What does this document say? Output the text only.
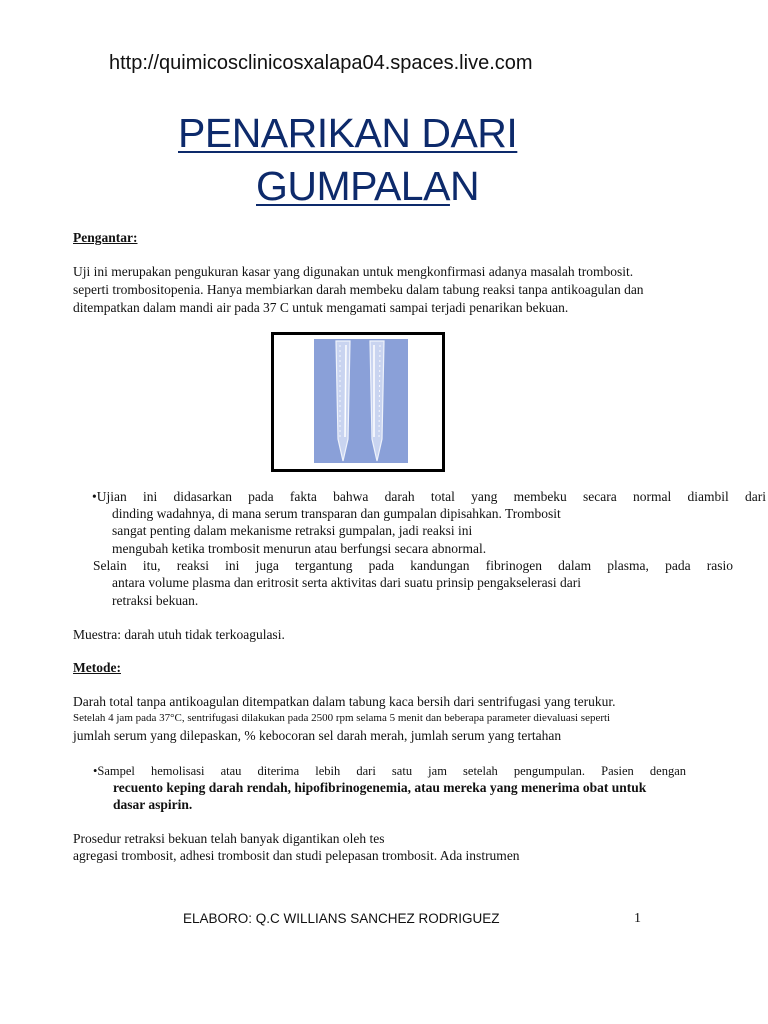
http://quimicosclinicosxalapa04.spaces.live.com
PENARIKAN DARI
GUMPALAN
Pengantar:
Uji ini merupakan pengukuran kasar yang digunakan untuk mengkonfirmasi adanya masalah trombosit.
seperti trombositopenia. Hanya membiarkan darah membeku dalam tabung reaksi tanpa antikoagulan dan
ditempatkan dalam mandi air pada 37 C untuk mengamati sampai terjadi penarikan bekuan.
•Ujian ini didasarkan pada fakta bahwa darah total yang membeku secara normal diambil dari
dinding wadahnya, di mana serum transparan dan gumpalan dipisahkan. Trombosit
sangat penting dalam mekanisme retraksi gumpalan, jadi reaksi ini
mengubah ketika trombosit menurun atau berfungsi secara abnormal.
Selain itu, reaksi ini juga tergantung pada kandungan fibrinogen dalam plasma, pada rasio
antara volume plasma dan eritrosit serta aktivitas dari suatu prinsip pengakselerasi dari
retraksi bekuan.
Muestra: darah utuh tidak terkoagulasi.
Metode:
Darah total tanpa antikoagulan ditempatkan dalam tabung kaca bersih dari sentrifugasi yang terukur.
Setelah 4 jam pada 37°C, sentrifugasi dilakukan pada 2500 rpm selama 5 menit dan beberapa parameter dievaluasi seperti
jumlah serum yang dilepaskan, % kebocoran sel darah merah, jumlah serum yang tertahan
•Sampel hemolisasi atau diterima lebih dari satu jam setelah pengumpulan. Pasien dengan
recuento keping darah rendah, hipofibrinogenemia, atau mereka yang menerima obat untuk
dasar aspirin.
Prosedur retraksi bekuan telah banyak digantikan oleh tes
agregasi trombosit, adhesi trombosit dan studi pelepasan trombosit. Ada instrumen
ELABORO: Q.C WILLIANS SANCHEZ RODRIGUEZ	1
